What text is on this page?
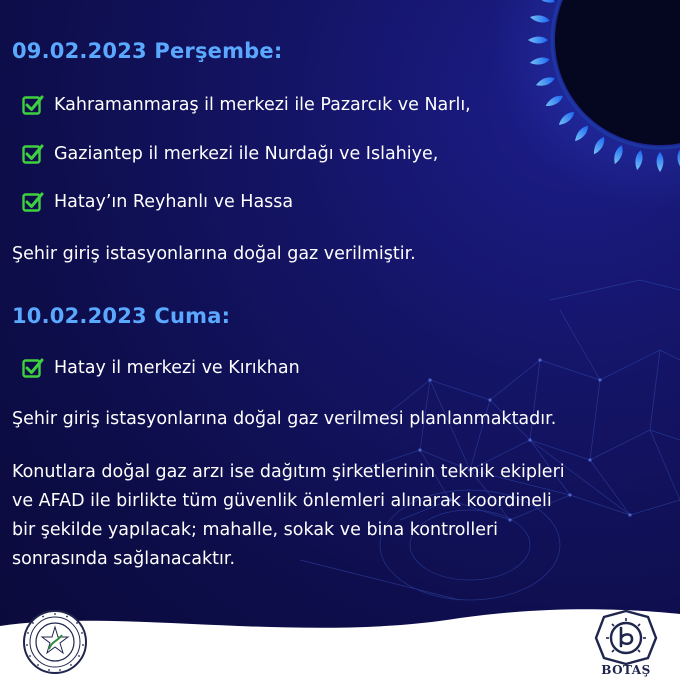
09.02.2023 Perşembe:
Kahramanmaraş il merkezi ile Pazarcık ve Narlı,
Gaziantep il merkezi ile Nurdağı ve Islahiye,
Hatay’ın Reyhanlı ve Hassa
Şehir giriş istasyonlarına doğal gaz verilmiştir.
10.02.2023 Cuma:
Hatay il merkezi ve Kırıkhan
Şehir giriş istasyonlarına doğal gaz verilmesi planlanmaktadır.
Konutlara doğal gaz arzı ise dağıtım şirketlerinin teknik ekipleri
ve AFAD ile birlikte tüm güvenlik önlemleri alınarak koordineli
bir şekilde yapılacak; mahalle, sokak ve bina kontrolleri
sonrasında sağlanacaktır.
BOTAŞ
